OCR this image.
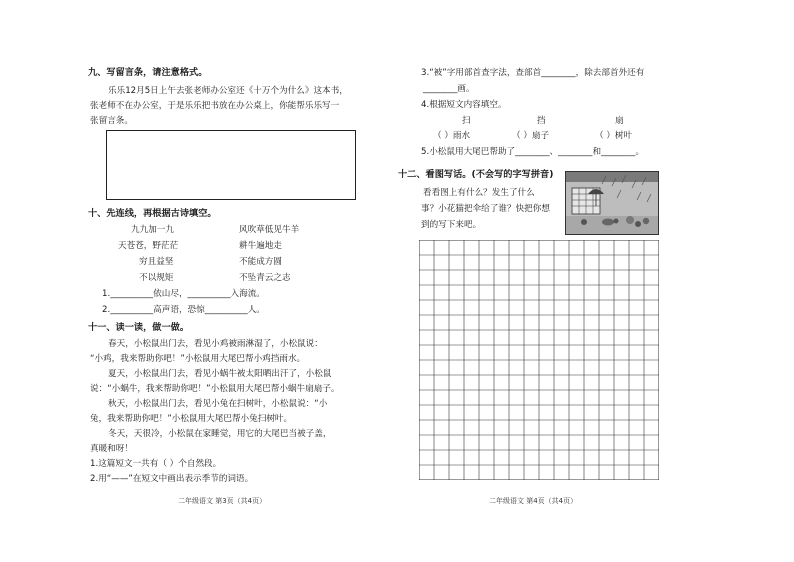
九、写留言条，请注意格式。
乐乐12月5日上午去张老师办公室还《十万个为什么》这本书，
张老师不在办公室，于是乐乐把书放在办公桌上，你能帮乐乐写一
张留言条。
十、先连线，再根据古诗填空。
九九加一九
天苍苍，野茫茫
穷且益坚
不以规矩
风吹草低见牛羊
耕牛遍地走
不能成方圆
不坠青云之志
1.__________依山尽，__________入海流。
2.__________高声语，恐惊__________人。
十一、读一读，做一做。
春天，小松鼠出门去，看见小鸡被雨淋湿了，小松鼠说：
“小鸡，我来帮助你吧！”小松鼠用大尾巴帮小鸡挡雨水。
夏天，小松鼠出门去，看见小蜗牛被太阳晒出汗了，小松鼠
说：“小蜗牛，我来帮助你吧！”小松鼠用大尾巴帮小蜗牛扇扇子。
秋天，小松鼠出门去，看见小兔在扫树叶，小松鼠说：“小
兔，我来帮助你吧！”小松鼠用大尾巴帮小兔扫树叶。
冬天，天很冷，小松鼠在家睡觉，用它的大尾巴当被子盖，
真暖和呀！
1.这篇短文一共有（ ）个自然段。
2.用“——”在短文中画出表示季节的词语。
二年级语文 第3页（共4页）
3.“被”字用部首查字法，查部首________，除去部首外还有
________画。
4.根据短文内容填空。
扫	挡	扇
（ ）雨水	（ ）扇子	（ ）树叶
5.小松鼠用大尾巴帮助了________、________和________。
十二、看图写话。(不会写的字写拼音)
看看图上有什么？发生了什么
事？小花猫把伞给了谁？快把你想
到的写下来吧。
二年级语文 第4页（共4页）
